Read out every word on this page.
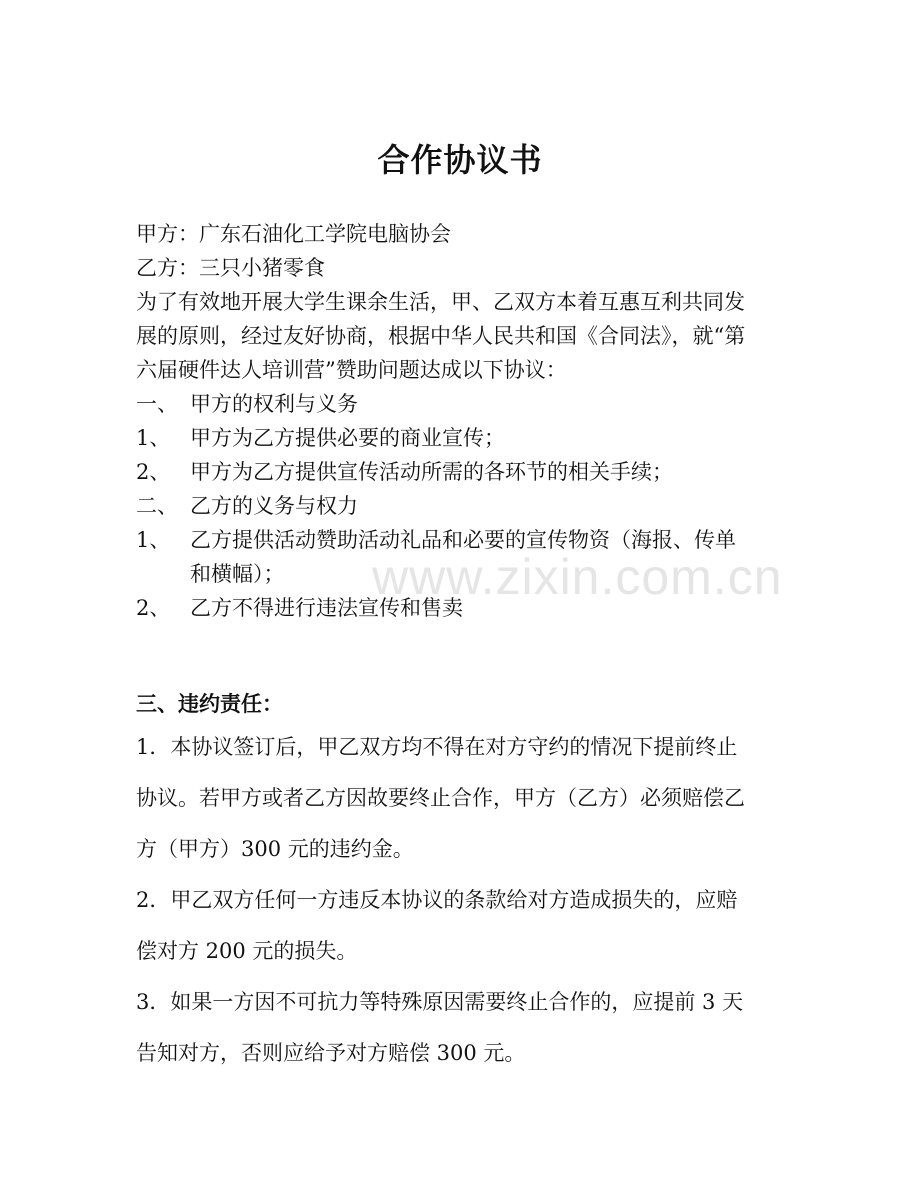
合作协议书
甲方：广东石油化工学院电脑协会
乙方：三只小猪零食
为了有效地开展大学生课余生活，甲、乙双方本着互惠互利共同发
展的原则，经过友好协商，根据中华人民共和国《合同法》，就“第
六届硬件达人培训营”赞助问题达成以下协议：
一、 甲方的权利与义务
1、 甲方为乙方提供必要的商业宣传；
2、 甲方为乙方提供宣传活动所需的各环节的相关手续；
二、 乙方的义务与权力
1、 乙方提供活动赞助活动礼品和必要的宣传物资（海报、传单
和横幅）；
2、 乙方不得进行违法宣传和售卖
三、违约责任：
1．本协议签订后，甲乙双方均不得在对方守约的情况下提前终止
协议。若甲方或者乙方因故要终止合作，甲方（乙方）必须赔偿乙
方（甲方）300 元的违约金。
2．甲乙双方任何一方违反本协议的条款给对方造成损失的，应赔
偿对方 200 元的损失。
3．如果一方因不可抗力等特殊原因需要终止合作的，应提前 3 天
告知对方，否则应给予对方赔偿 300 元。
www.zixin.com.cn
